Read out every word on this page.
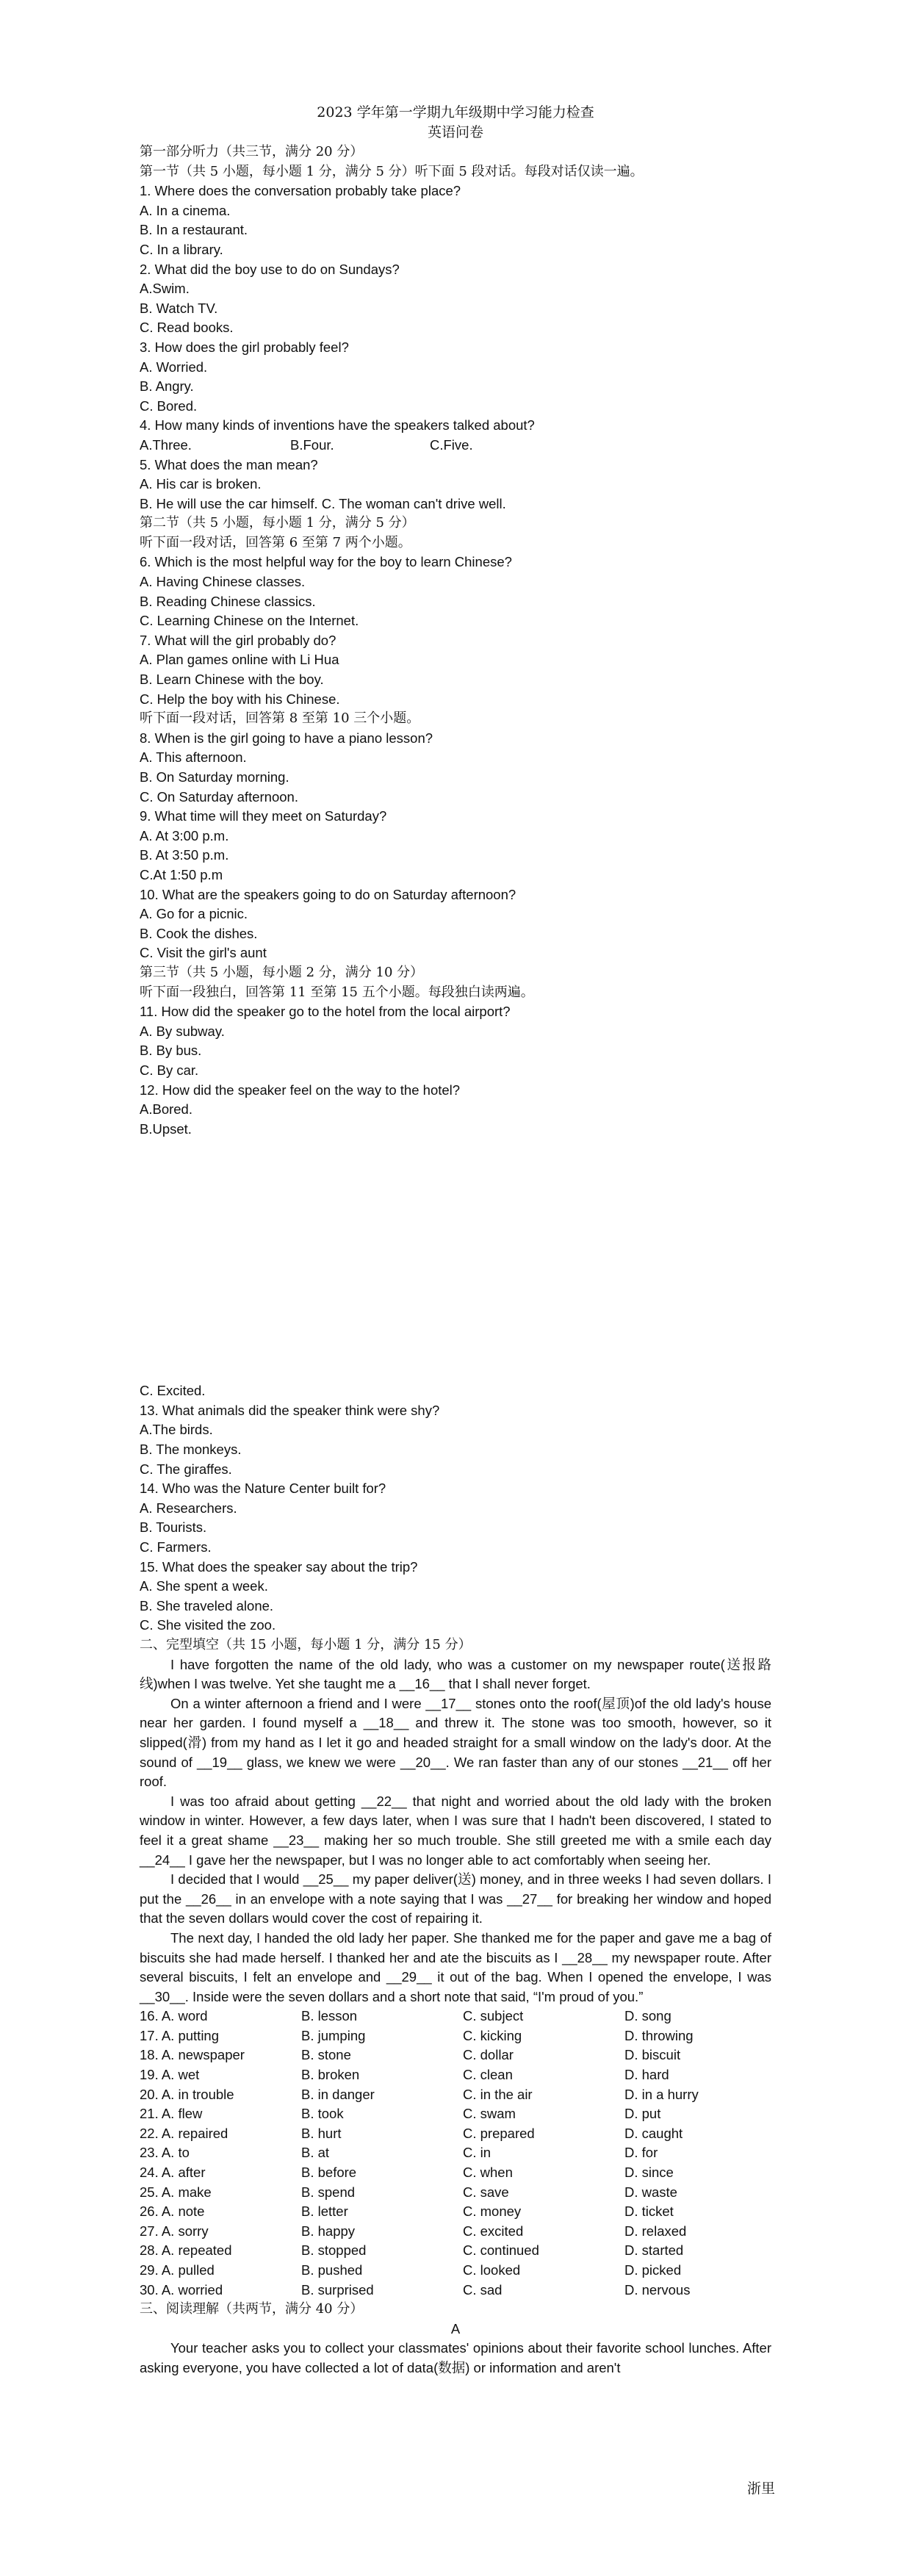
2023 学年第一学期九年级期中学习能力检查
英语问卷
第一部分听力（共三节，满分 20 分）
第一节（共 5 小题，每小题 1 分，满分 5 分）听下面 5 段对话。每段对话仅读一遍。
1. Where does the conversation probably take place?
A. In a cinema.
B. In a restaurant.
C. In a library.
2. What did the boy use to do on Sundays?
A.Swim.
B. Watch TV.
C. Read books.
3. How does the girl probably feel?
A. Worried.
B. Angry.
C. Bored.
4. How many kinds of inventions have the speakers talked about?
A.Three.	B.Four.	C.Five.
5. What does the man mean?
A. His car is broken.
B. He will use the car himself. C. The woman can't drive well.
第二节（共 5 小题，每小题 1 分，满分 5 分）
听下面一段对话，回答第 6 至第 7 两个小题。
6. Which is the most helpful way for the boy to learn Chinese?
A. Having Chinese classes.
B. Reading Chinese classics.
C. Learning Chinese on the Internet.
7. What will the girl probably do?
A. Plan games online with Li Hua
B. Learn Chinese with the boy.
C. Help the boy with his Chinese.
听下面一段对话，回答第 8 至第 10 三个小题。
8. When is the girl going to have a piano lesson?
A. This afternoon.
B. On Saturday morning.
C. On Saturday afternoon.
9. What time will they meet on Saturday?
A. At 3:00 p.m.
B. At 3:50 p.m.
C.At 1:50 p.m
10. What are the speakers going to do on Saturday afternoon?
A. Go for a picnic.
B. Cook the dishes.
C. Visit the girl's aunt
第三节（共 5 小题，每小题 2 分，满分 10 分）
听下面一段独白，回答第 11 至第 15 五个小题。每段独白读两遍。
11. How did the speaker go to the hotel from the local airport?
A. By subway.
B. By bus.
C. By car.
12. How did the speaker feel on the way to the hotel?
A.Bored.
B.Upset.
C. Excited.
13. What animals did the speaker think were shy?
A.The birds.
B. The monkeys.
C. The giraffes.
14. Who was the Nature Center built for?
A. Researchers.
B. Tourists.
C. Farmers.
15. What does the speaker say about the trip?
A. She spent a week.
B. She traveled alone.
C. She visited the zoo.
二、完型填空（共 15 小题，每小题 1 分，满分 15 分）

I have forgotten the name of the old lady, who was a customer on my newspaper route(送报路线)when I was twelve. Yet she taught me a __16__ that I shall never forget.

On a winter afternoon a friend and I were __17__ stones onto the roof(屋顶)of the old lady's house near her garden. I found myself a __18__ and threw it. The stone was too smooth, however, so it slipped(滑) from my hand as I let it go and headed straight for a small window on the lady's door. At the sound of __19__ glass, we knew we were __20__. We ran faster than any of our stones __21__ off her roof.

I was too afraid about getting __22__ that night and worried about the old lady with the broken window in winter. However, a few days later, when I was sure that I hadn't been discovered, I stated to feel it a great shame __23__ making her so much trouble. She still greeted me with a smile each day __24__ I gave her the newspaper, but I was no longer able to act comfortably when seeing her.

I decided that I would __25__ my paper deliver(送) money, and in three weeks I had seven dollars. I put the __26__ in an envelope with a note saying that I was __27__ for breaking her window and hoped that the seven dollars would cover the cost of repairing it.

The next day, I handed the old lady her paper. She thanked me for the paper and gave me a bag of biscuits she had made herself. I thanked her and ate the biscuits as I __28__ my newspaper route. After several biscuits, I felt an envelope and __29__ it out of the bag. When I opened the envelope, I was __30__. Inside were the seven dollars and a short note that said, “I'm proud of you.”

16. A. word	B. lesson	C. subject	D. song
17. A. putting	B. jumping	C. kicking	D. throwing
18. A. newspaper	B. stone	C. dollar	D. biscuit
19. A. wet	B. broken	C. clean	D. hard
20. A. in trouble	B. in danger	C. in the air	D. in a hurry
21. A. flew	B. took	C. swam	D. put
22. A. repaired	B. hurt	C. prepared	D. caught
23. A. to	B. at	C. in	D. for
24. A. after	B. before	C. when	D. since
25. A. make	B. spend	C. save	D. waste
26. A. note	B. letter	C. money	D. ticket
27. A. sorry	B. happy	C. excited	D. relaxed
28. A. repeated	B. stopped	C. continued	D. started
29. A. pulled	B. pushed	C. looked	D. picked
30. A. worried	B. surprised	C. sad	D. nervous
三、阅读理解（共两节，满分 40 分）
A

Your teacher asks you to collect your classmates' opinions about their favorite school lunches. After asking everyone, you have collected a lot of data(数据) or information and aren't

浙里
